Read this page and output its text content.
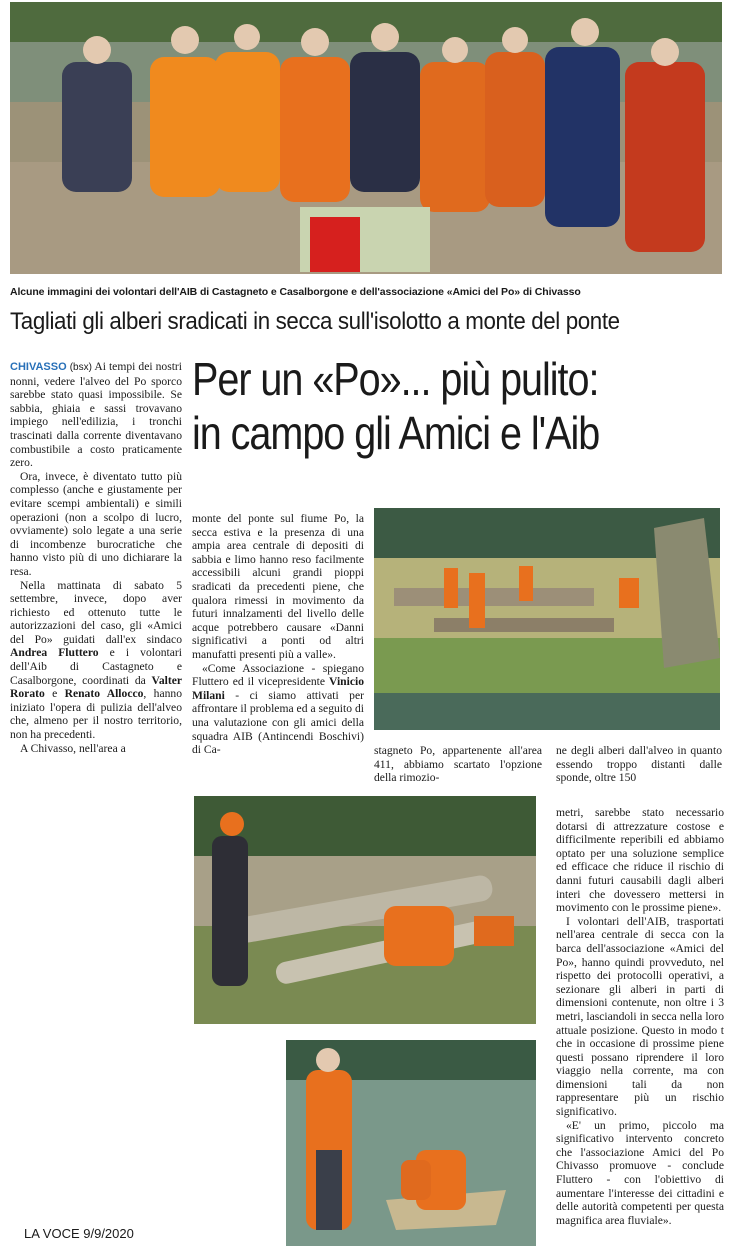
Alcune immagini dei volontari dell'AIB di Castagneto e Casalborgone e dell'associazione «Amici del Po» di Chivasso
Tagliati gli alberi sradicati in secca sull'isolotto a monte del ponte
Per un «Po»... più pulito:
in campo gli Amici e l'Aib

CHIVASSO (bsx) Ai tempi dei nostri nonni, vedere l'alveo del Po sporco sarebbe stato quasi impossibile. Se sabbia, ghiaia e sassi trovavano impiego nell'edilizia, i tronchi trascinati dalla corrente diventavano combustibile a costo praticamente zero.

Ora, invece, è diventato tutto più complesso (anche e giustamente per evitare scempi ambientali) e simili operazioni (non a scolpo di lucro, ovviamente) solo legate a una serie di incombenze burocratiche che hanno visto più di uno dichiarare la resa.

Nella mattinata di sabato 5 settembre, invece, dopo aver richiesto ed ottenuto tutte le autorizzazioni del caso, gli «Amici del Po» guidati dall'ex sindaco Andrea Fluttero e i volontari dell'Aib di Castagneto e Casalborgone, coordinati da Valter Rorato e Renato Allocco, hanno iniziato l'opera di pulizia dell'alveo che, almeno per il nostro territorio, non ha precedenti.

A Chivasso, nell'area a

monte del ponte sul fiume Po, la secca estiva e la presenza di una ampia area centrale di depositi di sabbia e limo hanno reso facilmente accessibili alcuni grandi pioppi sradicati da precedenti piene, che qualora rimessi in movimento da futuri innalzamenti del livello delle acque potrebbero causare «Danni significativi a ponti od altri manufatti presenti più a valle».

«Come Associazione - spiegano Fluttero ed il vicepresidente Vinicio Milani - ci siamo attivati per affrontare il problema ed a seguito di una valutazione con gli amici della squadra AIB (Antincendi Boschivi) di Ca-	stagneto Po, appartenente all'area 411, abbiamo scartato l'opzione della rimozio-
ne degli alberi dall'alveo in quanto essendo troppo distanti dalle sponde, oltre 150

metri, sarebbe stato necessario dotarsi di attrezzature costose e difficilmente reperibili ed abbiamo optato per una soluzione semplice ed efficace che riduce il rischio di danni futuri causabili dagli alberi interi che dovessero mettersi in movimento con le prossime piene».

I volontari dell'AIB, trasportati nell'area centrale di secca con la barca dell'associazione «Amici del Po», hanno quindi provveduto, nel rispetto dei protocolli operativi, a sezionare gli alberi in parti di dimensioni contenute, non oltre i 3 metri, lasciandoli in secca nella loro attuale posizione. Questo in modo t che in occasione di prossime piene questi possano riprendere il loro viaggio nella corrente, ma con dimensioni tali da non rappresentare più un rischio significativo.

«E' un primo, piccolo ma significativo intervento concreto che l'associazione Amici del Po Chivasso promuove - conclude Fluttero - con l'obiettivo di aumentare l'interesse dei cittadini e delle autorità competenti per questa magnifica area fluviale».

LA VOCE 9/9/2020
